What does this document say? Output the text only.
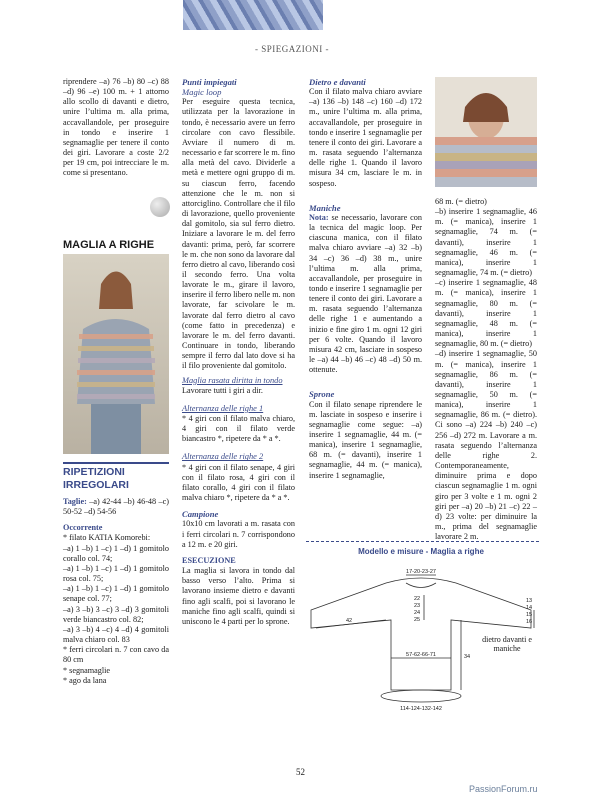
- SPIEGAZIONI -

riprendere –a) 76 –b) 80 –c) 88 –d) 96 –e) 100 m. + 1 attorno allo scollo di davanti e dietro, unire l’ultima m. alla prima, accavallandole, per proseguire in tondo e inserire 1 segnamaglie per tenere il conto dei giri. Lavorare a coste 2/2 per 19 cm, poi intrecciare le m. come si presentano.

MAGLIA A RIGHE
RIPETIZIONI IRREGOLARI

Taglie: –a) 42-44 –b) 46-48 –c) 50-52 –d) 54-56

Occorrente

* filato KATIA Komorebi:

–a) 1 –b) 1 –c) 1 –d) 1 gomitolo corallo col. 74;

–a) 1 –b) 1 –c) 1 –d) 1 gomitolo rosa col. 75;

–a) 1 –b) 1 –c) 1 –d) 1 gomitolo senape col. 77;

–a) 3 –b) 3 –c) 3 –d) 3 gomitoli verde biancastro col. 82;

–a) 3 –b) 4 –c) 4 –d) 4 gomitoli malva chiaro col. 83

* ferri circolari n. 7 con cavo da 80 cm

* segnamaglie

* ago da lana

Punti impiegati

Magic loop

Per eseguire questa tecnica, utilizzata per la lavorazione in tondo, è necessario avere un ferro circolare con cavo flessibile. Avviare il numero di m. necessario e far scorrere le m. fino alla metà del cavo. Dividerle a metà e mettere ogni gruppo di m. su ciascun ferro, facendo attenzione che le m. non si attorciglino. Controllare che il filo di lavorazione, quello proveniente dal gomitolo, sia sul ferro dietro. Iniziare a lavorare le m. del ferro davanti: prima, però, far scorrere le m. che non sono da lavorare dal ferro dietro al cavo, liberando così il secondo ferro. Una volta lavorate le m., girare il lavoro, inserire il ferro libero nelle m. non lavorate, far scivolare le m. lavorate dal ferro dietro al cavo (come fatto in precedenza) e lavorare le m. del ferro davanti. Continuare in tondo, liberando sempre il ferro dal lato dove si ha il filo proveniente dal gomitolo.

Maglia rasata diritta in tondo

Lavorare tutti i giri a dir.

Alternanza delle righe 1

* 4 giri con il filato malva chiaro, 4 giri con il filato verde biancastro *, ripetere da * a *.

Alternanza delle righe 2

* 4 giri con il filato senape, 4 giri con il filato rosa, 4 giri con il filato corallo, 4 giri con il filato malva chiaro *, ripetere da * a *.

Campione

10x10 cm lavorati a m. rasata con i ferri circolari n. 7 corrispondono a 12 m. e 20 giri.

ESECUZIONE

La maglia si lavora in tondo dal basso verso l’alto. Prima si lavorano insieme dietro e davanti fino agli scalfi, poi si lavorano le maniche fino agli scalfi, quindi si uniscono le 4 parti per lo sprone.

Dietro e davanti

Con il filato malva chiaro avviare –a) 136 –b) 148 –c) 160 –d) 172 m., unire l’ultima m. alla prima, accavallandole, per proseguire in tondo e inserire 1 segnamaglie per tenere il conto dei giri. Lavorare a m. rasata seguendo l’alternanza delle righe 1. Quando il lavoro misura 34 cm, lasciare le m. in sospeso.

Maniche

Nota: se necessario, lavorare con la tecnica del magic loop. Per ciascuna manica, con il filato malva chiaro avviare –a) 32 –b) 34 –c) 36 –d) 38 m., unire l’ultima m. alla prima, accavallandole, per proseguire in tondo e inserire 1 segnamaglie per tenere il conto dei giri. Lavorare a m. rasata seguendo l’alternanza delle righe 1 e aumentando a inizio e fine giro 1 m. ogni 12 giri per 6 volte. Quando il lavoro misura 42 cm, lasciare in sospeso le –a) 44 –b) 46 –c) 48 –d) 50 m. ottenute.

Sprone

Con il filato senape riprendere le m. lasciate in sospeso e inserire i segnamaglie come segue: –a) inserire 1 segnamaglie, 44 m. (= manica), inserire 1 segnamaglie, 68 m. (= davanti), inserire 1 segnamaglie, 44 m. (= manica), inserire 1 segnamaglie,

68 m. (= dietro)

–b) inserire 1 segnamaglie, 46 m. (= manica), inserire 1 segnamaglie, 74 m. (= davanti), inserire 1 segnamaglie, 46 m. (= manica), inserire 1 segnamaglie, 74 m. (= dietro)

–c) inserire 1 segnamaglie, 48 m. (= manica), inserire 1 segnamaglie, 80 m. (= davanti), inserire 1 segnamaglie, 48 m. (= manica), inserire 1 segnamaglie, 80 m. (= dietro)

–d) inserire 1 segnamaglie, 50 m. (= manica), inserire 1 segnamaglie, 86 m. (= davanti), inserire 1 segnamaglie, 50 m. (= manica), inserire 1 segnamaglie, 86 m. (= dietro). Ci sono –a) 224 –b) 240 –c) 256 –d) 272 m. Lavorare a m. rasata seguendo l’alternanza delle righe 2. Contemporaneamente, diminuire prima e dopo ciascun segnamaglie 1 m. ogni giro per 3 volte e 1 m. ogni 2 giri per –a) 20 –b) 21 –c) 22 –d) 23 volte: per diminuire la m., prima del segnamaglie lavorare 2 m.

Modello e misure - Maglia a righe
17-20-23-27
22
23
24
25
42
13
14
15
16
57-62-66-71	34
114-124-132-142
dietro davanti e maniche
52
PassionForum.ru
